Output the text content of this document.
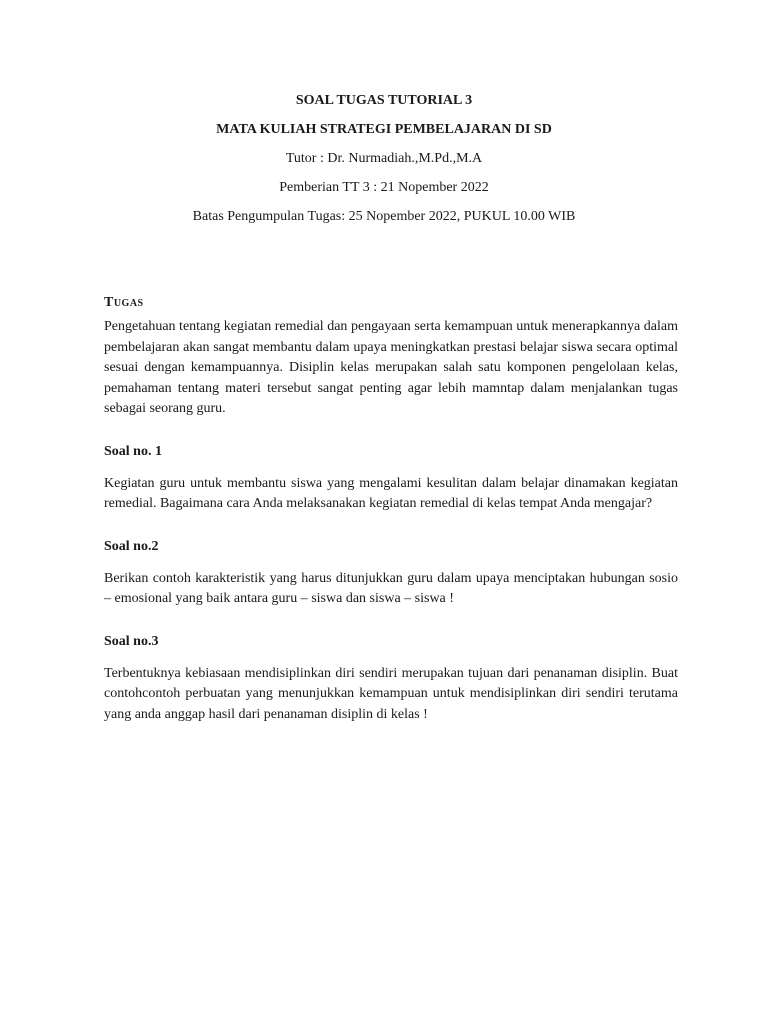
SOAL TUGAS TUTORIAL 3
MATA KULIAH STRATEGI PEMBELAJARAN DI SD
Tutor : Dr. Nurmadiah.,M.Pd.,M.A
Pemberian TT 3 : 21 Nopember 2022
Batas Pengumpulan Tugas: 25 Nopember 2022, PUKUL 10.00 WIB
Tugas

Pengetahuan tentang kegiatan remedial dan pengayaan serta kemampuan untuk menerapkannya dalam pembelajaran akan sangat membantu dalam upaya meningkatkan prestasi belajar siswa secara optimal sesuai dengan kemampuannya. Disiplin kelas merupakan salah satu komponen pengelolaan kelas, pemahaman tentang materi tersebut sangat penting agar lebih mamntap dalam menjalankan tugas sebagai seorang guru.

Soal no. 1

Kegiatan guru untuk membantu siswa yang mengalami kesulitan dalam belajar dinamakan kegiatan remedial. Bagaimana cara Anda melaksanakan kegiatan remedial di kelas tempat Anda mengajar?

Soal no.2

Berikan contoh karakteristik yang harus ditunjukkan guru dalam upaya menciptakan hubungan sosio – emosional yang baik antara guru – siswa dan siswa – siswa !

Soal no.3

Terbentuknya kebiasaan mendisiplinkan diri sendiri merupakan tujuan dari penanaman disiplin. Buat contohcontoh perbuatan yang menunjukkan kemampuan untuk mendisiplinkan diri sendiri terutama yang anda anggap hasil dari penanaman disiplin di kelas !
